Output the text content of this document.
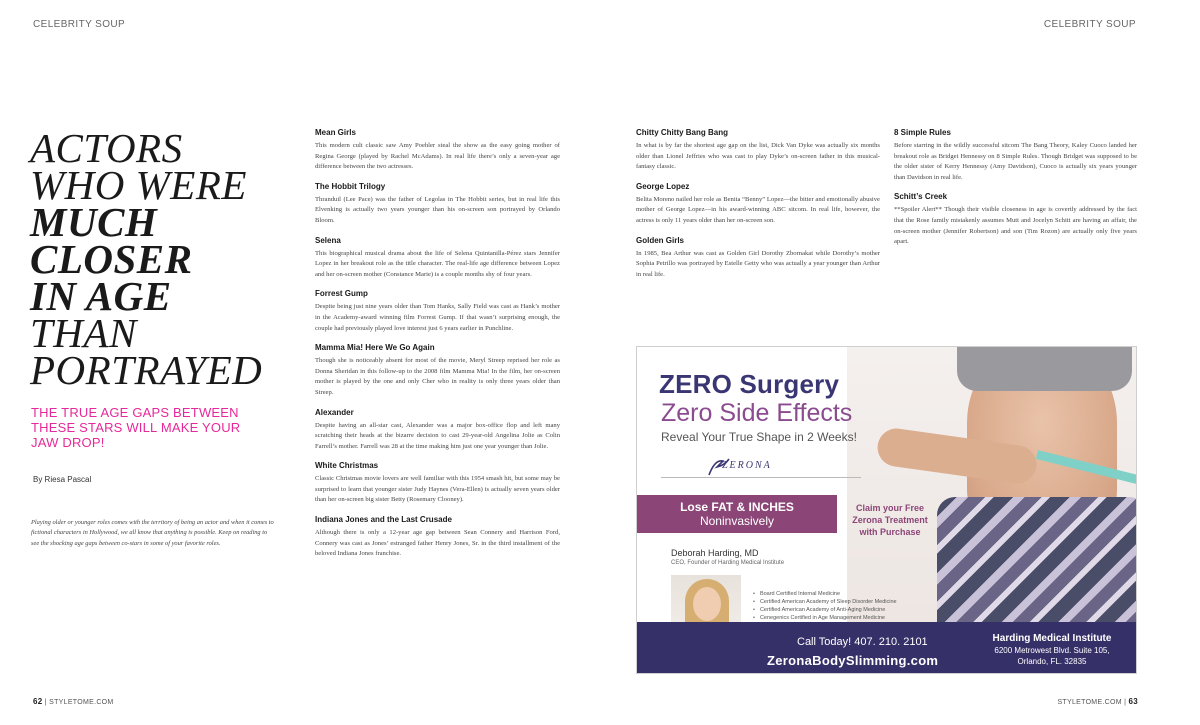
CELEBRITY SOUP	CELEBRITY SOUP
ACTORS
WHO WERE
MUCH
CLOSER
IN AGE
THAN
PORTRAYED
THE TRUE AGE GAPS BETWEEN THESE STARS WILL MAKE YOUR JAW DROP!
By Riesa Pascal
Playing older or younger roles comes with the territory of being an actor and when it comes to fictional characters in Hollywood, we all know that anything is possible. Keep on reading to see the shocking age gaps between co-stars in some of your favorite roles.
Mean Girls
This modern cult classic saw Amy Poehler steal the show as the easy going mother of Regina George (played by Rachel McAdams). In real life there’s only a seven-year age difference between the two actresses.
The Hobbit Trilogy
Thranduil (Lee Pace) was the father of Legolas in The Hobbit series, but in real life this Elvenking is actually two years younger than his on-screen son portrayed by Orlando Bloom.
Selena
This biographical musical drama about the life of Selena Quintanilla-Pérez stars Jennifer Lopez in her breakout role as the title character. The real-life age difference between Lopez and her on-screen mother (Constance Marie) is a couple months shy of four years.
Forrest Gump
Despite being just nine years older than Tom Hanks, Sally Field was cast as Hank’s mother in the Academy-award winning film Forrest Gump. If that wasn’t surprising enough, the couple had previously played love interest just 6 years earlier in Punchline.
Mamma Mia! Here We Go Again
Though she is noticeably absent for most of the movie, Meryl Streep reprised her role as Donna Sheridan in this follow-up to the 2008 film Mamma Mia! In the film, her on-screen mother is played by the one and only Cher who in reality is only three years older than Streep.
Alexander
Despite having an all-star cast, Alexander was a major box-office flop and left many scratching their heads at the bizarre decision to cast 29-year-old Angelina Jolie as Colin Farrell’s mother. Farrell was 28 at the time making him just one year younger than Jolie.
White Christmas
Classic Christmas movie lovers are well familiar with this 1954 smash hit, but some may be surprised to learn that younger sister Judy Haynes (Vera-Ellen) is actually seven years older than her on-screen big sister Betty (Rosemary Clooney).
Indiana Jones and the Last Crusade
Although there is only a 12-year age gap between Sean Connery and Harrison Ford, Connery was cast as Jones’ estranged father Henry Jones, Sr. in the third installment of the beloved Indiana Jones franchise.
Chitty Chitty Bang Bang
In what is by far the shortest age gap on the list, Dick Van Dyke was actually six months older than Lionel Jeffries who was cast to play Dyke’s on-screen father in this musical-fantasy classic.
George Lopez
Belita Moreno nailed her role as Benita “Benny” Lopez—the bitter and emotionally abusive mother of George Lopez—in his award-winning ABC sitcom. In real life, however, the actress is only 11 years older than her on-screen son.
Golden Girls
In 1985, Bea Arthur was cast as Golden Girl Dorothy Zbornakat while Dorothy’s mother Sophia Petrillo was portrayed by Estelle Getty who was actually a year younger than Arthur in real life.
8 Simple Rules
Before starring in the wildly successful sitcom The Bang Theory, Kaley Cuoco landed her breakout role as Bridget Hennessy on 8 Simple Rules. Though Bridget was supposed to be the older sister of Kerry Hennessy (Amy Davidson), Cuoco is actually six years younger than Davidson in real life.
Schitt’s Creek
**Spoiler Alert** Though their visible closeness in age is covertly addressed by the fact that the Rose family mistakenly assumes Mutt and Jocelyn Schitt are having an affair, the on-screen mother (Jennifer Robertson) and son (Tim Rozon) are actually only five years apart.
ZERO Surgery
Zero Side Effects
Reveal Your True Shape in 2 Weeks!
ZERONA
Lose FAT & INCHES
Noninvasively
Claim your Free Zerona Treatment with Purchase
Deborah Harding, MD
CEO, Founder of Harding Medical Institute
• Board Certified Internal Medicine
• Certified American Academy of Sleep Disorder Medicine
• Certified American Academy of Anti-Aging Medicine
• Cenegenics Certified in Age Management Medicine
Call Today! 407. 210. 2101
ZeronaBodySlimming.com
Harding Medical Institute
6200 Metrowest Blvd. Suite 105,
Orlando, FL. 32835
62 | STYLETOME.COM	STYLETOME.COM | 63
